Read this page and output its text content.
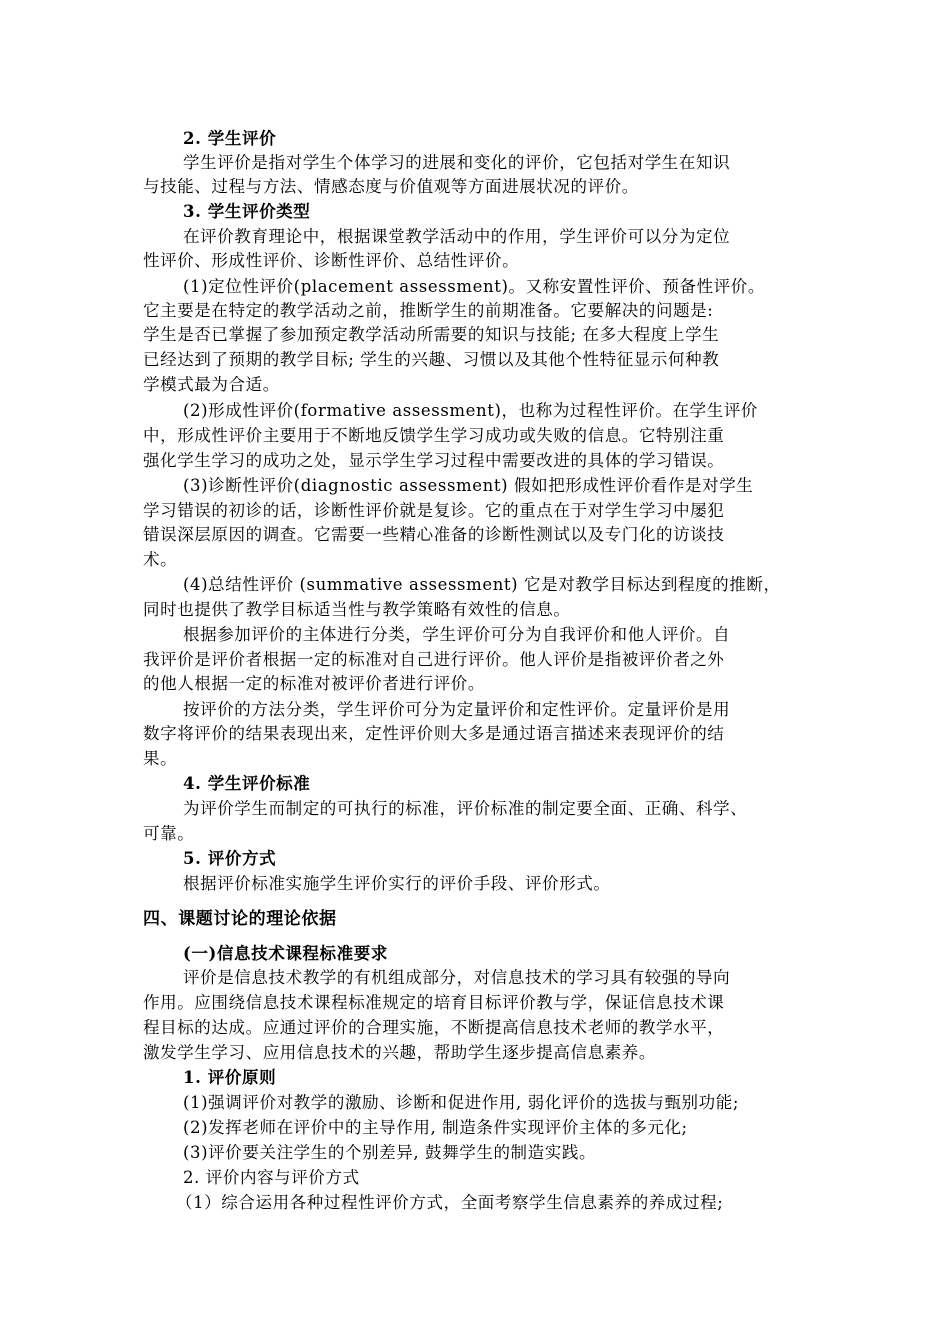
2. 学生评价
学生评价是指对学生个体学习的进展和变化的评价，它包括对学生在知识
与技能、过程与方法、情感态度与价值观等方面进展状况的评价。
3. 学生评价类型
在评价教育理论中，根据课堂教学活动中的作用，学生评价可以分为定位
性评价、形成性评价、诊断性评价、总结性评价。
(1)定位性评价(placement assessment)。又称安置性评价、预备性评价。
它主要是在特定的教学活动之前，推断学生的前期准备。它要解决的问题是:
学生是否已掌握了参加预定教学活动所需要的知识与技能; 在多大程度上学生
已经达到了预期的教学目标; 学生的兴趣、习惯以及其他个性特征显示何种教
学模式最为合适。
(2)形成性评价(formative assessment)，也称为过程性评价。在学生评价
中，形成性评价主要用于不断地反馈学生学习成功或失败的信息。它特别注重
强化学生学习的成功之处，显示学生学习过程中需要改进的具体的学习错误。
(3)诊断性评价(diagnostic assessment) 假如把形成性评价看作是对学生
学习错误的初诊的话，诊断性评价就是复诊。它的重点在于对学生学习中屡犯
错误深层原因的调查。它需要一些精心准备的诊断性测试以及专门化的访谈技
术。
(4)总结性评价 (summative assessment) 它是对教学目标达到程度的推断，
同时也提供了教学目标适当性与教学策略有效性的信息。
根据参加评价的主体进行分类，学生评价可分为自我评价和他人评价。自
我评价是评价者根据一定的标准对自己进行评价。他人评价是指被评价者之外
的他人根据一定的标准对被评价者进行评价。
按评价的方法分类，学生评价可分为定量评价和定性评价。定量评价是用
数字将评价的结果表现出来，定性评价则大多是通过语言描述来表现评价的结
果。
4. 学生评价标准
为评价学生而制定的可执行的标准，评价标准的制定要全面、正确、科学、
可靠。
5. 评价方式
根据评价标准实施学生评价实行的评价手段、评价形式。
四、课题讨论的理论依据
(一)信息技术课程标准要求
评价是信息技术教学的有机组成部分，对信息技术的学习具有较强的导向
作用。应围绕信息技术课程标准规定的培育目标评价教与学，保证信息技术课
程目标的达成。应通过评价的合理实施，不断提高信息技术老师的教学水平，
激发学生学习、应用信息技术的兴趣，帮助学生逐步提高信息素养。
1. 评价原则
(1)强调评价对教学的激励、诊断和促进作用, 弱化评价的选拔与甄别功能;
(2)发挥老师在评价中的主导作用, 制造条件实现评价主体的多元化;
(3)评价要关注学生的个别差异, 鼓舞学生的制造实践。
2. 评价内容与评价方式
（1）综合运用各种过程性评价方式，全面考察学生信息素养的养成过程;
